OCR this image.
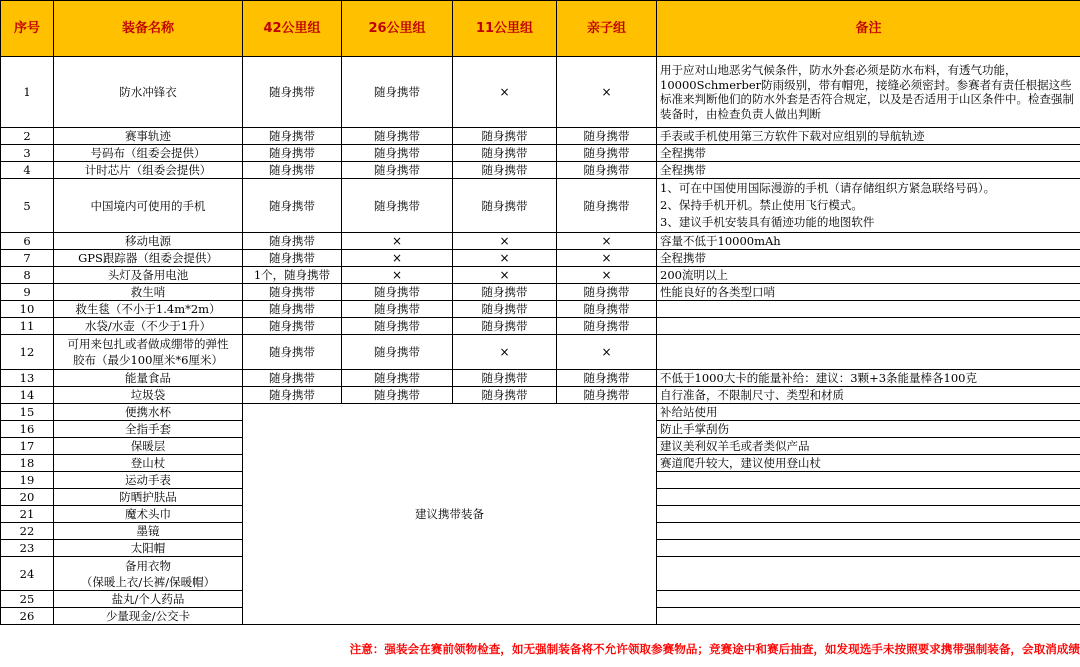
序号	装备名称	42公里组	26公里组	11公里组	亲子组	备注
1	防水冲锋衣	随身携带	随身携带	×	×	用于应对山地恶劣气候条件，防水外套必须是防水布料，有透气功能，10000Schmerber防雨级别，带有帽兜，接缝必须密封。参赛者有责任根据这些标准来判断他们的防水外套是否符合规定，以及是否适用于山区条件中。检查强制装备时，由检查负责人做出判断
2	赛事轨迹	随身携带	随身携带	随身携带	随身携带	手表或手机使用第三方软件下载对应组别的导航轨迹
3	号码布（组委会提供）	随身携带	随身携带	随身携带	随身携带	全程携带
4	计时芯片（组委会提供）	随身携带	随身携带	随身携带	随身携带	全程携带
5	中国境内可使用的手机	随身携带	随身携带	随身携带	随身携带	1、可在中国使用国际漫游的手机（请存储组织方紧急联络号码）。
2、保持手机开机。禁止使用飞行模式。
3、建议手机安装具有循迹功能的地图软件

6	移动电源	随身携带	×	×	×	容量不低于10000mAh
7	GPS跟踪器（组委会提供）	随身携带	×	×	×	全程携带
8	头灯及备用电池	1个，随身携带	×	×	×	200流明以上
9	救生哨	随身携带	随身携带	随身携带	随身携带	性能良好的各类型口哨
10	救生毯（不小于1.4m*2m）	随身携带	随身携带	随身携带	随身携带	
11	水袋/水壶（不少于1升）	随身携带	随身携带	随身携带	随身携带	
12	可用来包扎或者做成绷带的弹性
胶布（最少100厘米*6厘米）	随身携带	随身携带	×	×	
13	能量食品	随身携带	随身携带	随身携带	随身携带	不低于1000大卡的能量补给：建议：3颗+3条能量棒各100克
14	垃圾袋	随身携带	随身携带	随身携带	随身携带	自行准备，不限制尺寸、类型和材质
15	便携水杯	建议携带装备				补给站使用
16	全指手套					防止手掌刮伤
17	保暖层					建议美利奴羊毛或者类似产品
18	登山杖					赛道爬升较大，建议使用登山杖
19	运动手表					
20	防晒护肤品					
21	魔术头巾					
22	墨镜					
23	太阳帽					
24	备用衣物
（保暖上衣/长裤/保暖帽）					

25	盐丸/个人药品					
26	少量现金/公交卡					
注意：强装会在赛前领物检查，如无强制装备将不允许领取参赛物品；竞赛途中和赛后抽查，如发现选手未按照要求携带强制装备，会取消成绩
